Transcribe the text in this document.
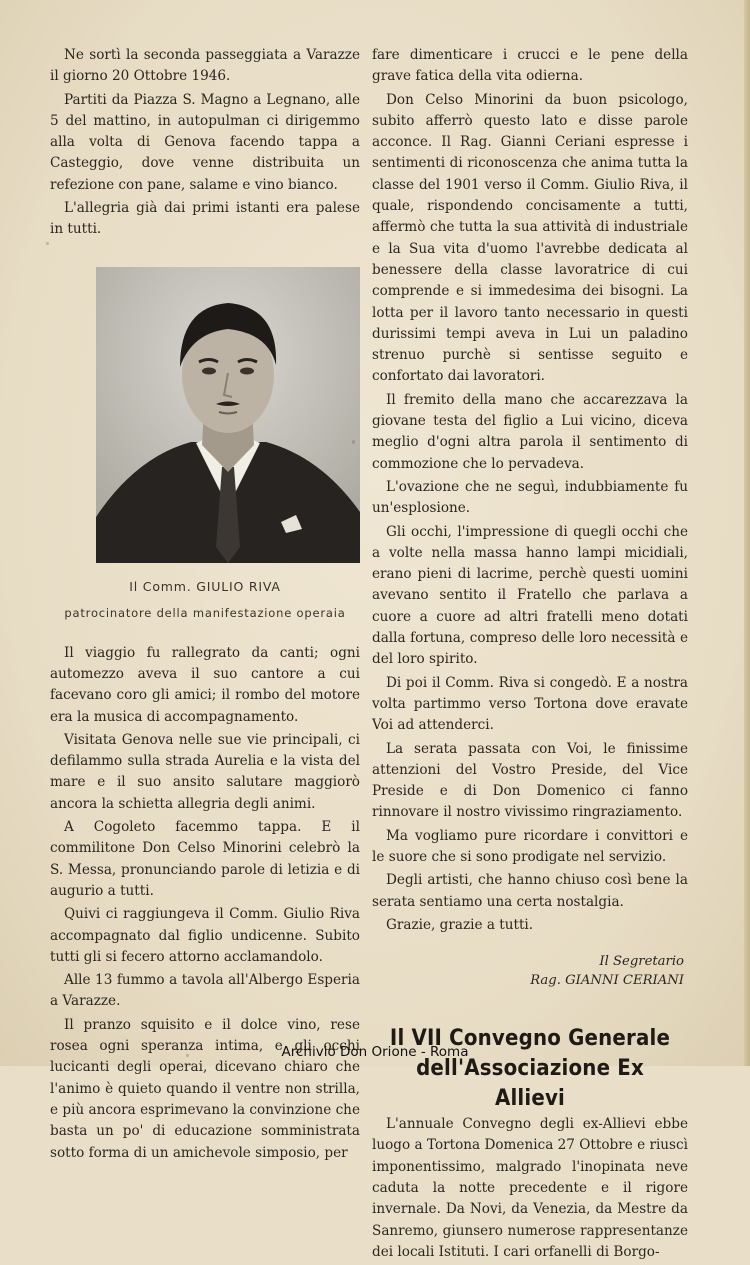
Ne sortì la seconda passeggiata a Varazze il giorno 20 Ottobre 1946.

Partiti da Piazza S. Magno a Legnano, alle 5 del mattino, in autopulman ci dirigemmo alla volta di Genova facendo tappa a Casteggio, dove venne distribuita un refezione con pane, salame e vino bianco.

L'allegria già dai primi istanti era palese in tutti.

Il Comm. GIULIO RIVA
patrocinatore della manifestazione operaia

Il viaggio fu rallegrato da canti; ogni automezzo aveva il suo cantore a cui facevano coro gli amici; il rombo del motore era la musica di accompagnamento.

Visitata Genova nelle sue vie principali, ci defilammo sulla strada Aurelia e la vista del mare e il suo ansito salutare maggiorò ancora la schietta allegria degli animi.

A Cogoleto facemmo tappa. E il commilitone Don Celso Minorini celebrò la S. Messa, pronunciando parole di letizia e di augurio a tutti.

Quivi ci raggiungeva il Comm. Giulio Riva accompagnato dal figlio undicenne. Subito tutti gli si fecero attorno acclamandolo.

Alle 13 fummo a tavola all'Albergo Esperia a Varazze.

Il pranzo squisito e il dolce vino, rese rosea ogni speranza intima, e gli occhi lucicanti degli operai, dicevano chiaro che l'animo è quieto quando il ventre non strilla, e più ancora esprimevano la convinzione che basta un po' di educazione somministrata sotto forma di un amichevole simposio, per

fare dimenticare i crucci e le pene della grave fatica della vita odierna.

Don Celso Minorini da buon psicologo, subito afferrò questo lato e disse parole acconce. Il Rag. Gianni Ceriani espresse i sentimenti di riconoscenza che anima tutta la classe del 1901 verso il Comm. Giulio Riva, il quale, rispondendo concisamente a tutti, affermò che tutta la sua attività di industriale e la Sua vita d'uomo l'avrebbe dedicata al benessere della classe lavoratrice di cui comprende e si immedesima dei bisogni. La lotta per il lavoro tanto necessario in questi durissimi tempi aveva in Lui un paladino strenuo purchè si sentisse seguito e confortato dai lavoratori.

Il fremito della mano che accarezzava la giovane testa del figlio a Lui vicino, diceva meglio d'ogni altra parola il sentimento di commozione che lo pervadeva.

L'ovazione che ne seguì, indubbiamente fu un'esplosione.

Gli occhi, l'impressione di quegli occhi che a volte nella massa hanno lampi micidiali, erano pieni di lacrime, perchè questi uomini avevano sentito il Fratello che parlava a cuore a cuore ad altri fratelli meno dotati dalla fortuna, compreso delle loro necessità e del loro spirito.

Di poi il Comm. Riva si congedò. E a nostra volta partimmo verso Tortona dove eravate Voi ad attenderci.

La serata passata con Voi, le finissime attenzioni del Vostro Preside, del Vice Preside e di Don Domenico ci fanno rinnovare il nostro vivissimo ringraziamento.

Ma vogliamo pure ricordare i convittori e le suore che si sono prodigate nel servizio.

Degli artisti, che hanno chiuso così bene la serata sentiamo una certa nostalgia.

Grazie, grazie a tutti.

Il Segretario
Rag. GIANNI CERIANI
Il VII Convegno Generale
dell'Associazione Ex Allievi

L'annuale Convegno degli ex-Allievi ebbe luogo a Tortona Domenica 27 Ottobre e riuscì imponentissimo, malgrado l'inopinata neve caduta la notte precedente e il rigore invernale. Da Novi, da Venezia, da Mestre da Sanremo, giunsero numerose rappresentanze dei locali Istituti. I cari orfanelli di Borgo-

Archivio Don Orione - Roma
